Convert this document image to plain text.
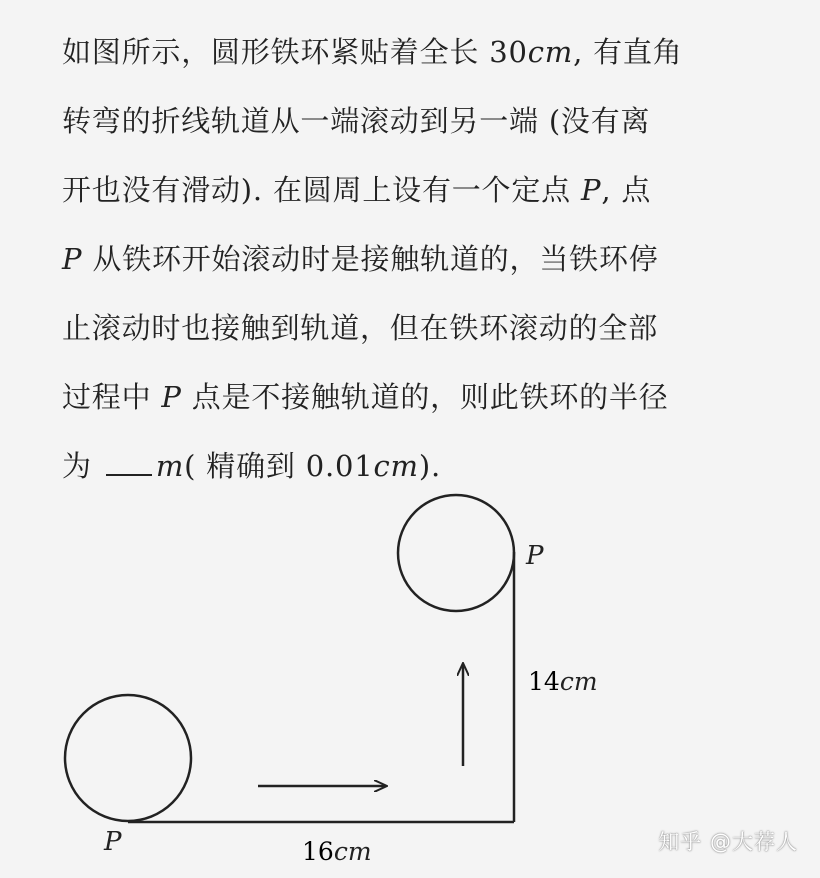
如图所示，圆形铁环紧贴着全长 30cm, 有直角
转弯的折线轨道从一端滚动到另一端 (没有离
开也没有滑动). 在圆周上设有一个定点 P, 点
P 从铁环开始滚动时是接触轨道的，当铁环停
止滚动时也接触到轨道，但在铁环滚动的全部
过程中 P 点是不接触轨道的，则此铁环的半径
为 m( 精确到 0.01cm).
P
P
16cm
14cm
知乎 @大荐人
